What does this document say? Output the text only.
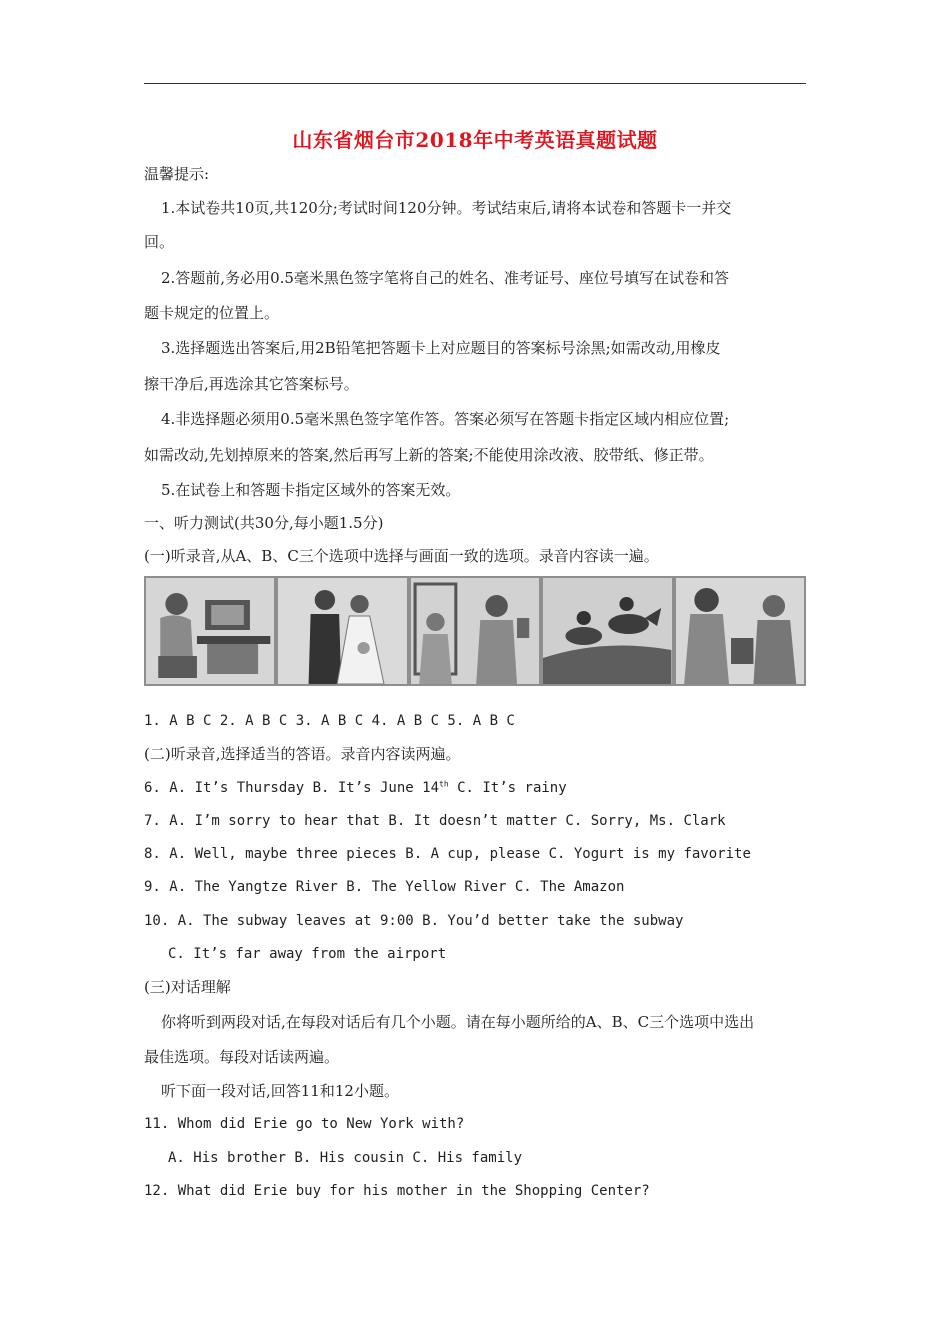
山东省烟台市2018年中考英语真题试题
温馨提示:
1.本试卷共10页,共120分;考试时间120分钟。考试结束后,请将本试卷和答题卡一并交
回。
2.答题前,务必用0.5毫米黑色签字笔将自己的姓名、准考证号、座位号填写在试卷和答
题卡规定的位置上。
3.选择题选出答案后,用2B铅笔把答题卡上对应题目的答案标号涂黑;如需改动,用橡皮
擦干净后,再选涂其它答案标号。
4.非选择题必须用0.5毫米黑色签字笔作答。答案必须写在答题卡指定区域内相应位置;
如需改动,先划掉原来的答案,然后再写上新的答案;不能使用涂改液、胶带纸、修正带。
5.在试卷上和答题卡指定区域外的答案无效。
一、听力测试(共30分,每小题1.5分)
(一)听录音,从A、B、C三个选项中选择与画面一致的选项。录音内容读一遍。
1. A B C 2. A B C 3. A B C 4. A B C 5. A B C
(二)听录音,选择适当的答语。录音内容读两遍。
6. A. It’s Thursday B. It’s June 14th C. It’s rainy
7. A. I’m sorry to hear that B. It doesn’t matter C. Sorry, Ms. Clark
8. A. Well, maybe three pieces B. A cup, please C. Yogurt is my favorite
9. A. The Yangtze River B. The Yellow River C. The Amazon
10. A. The subway leaves at 9:00 B. You’d better take the subway
C. It’s far away from the airport
(三)对话理解
你将听到两段对话,在每段对话后有几个小题。请在每小题所给的A、B、C三个选项中选出
最佳选项。每段对话读两遍。
听下面一段对话,回答11和12小题。
11. Whom did Erie go to New York with?
A. His brother B. His cousin C. His family
12. What did Erie buy for his mother in the Shopping Center?
